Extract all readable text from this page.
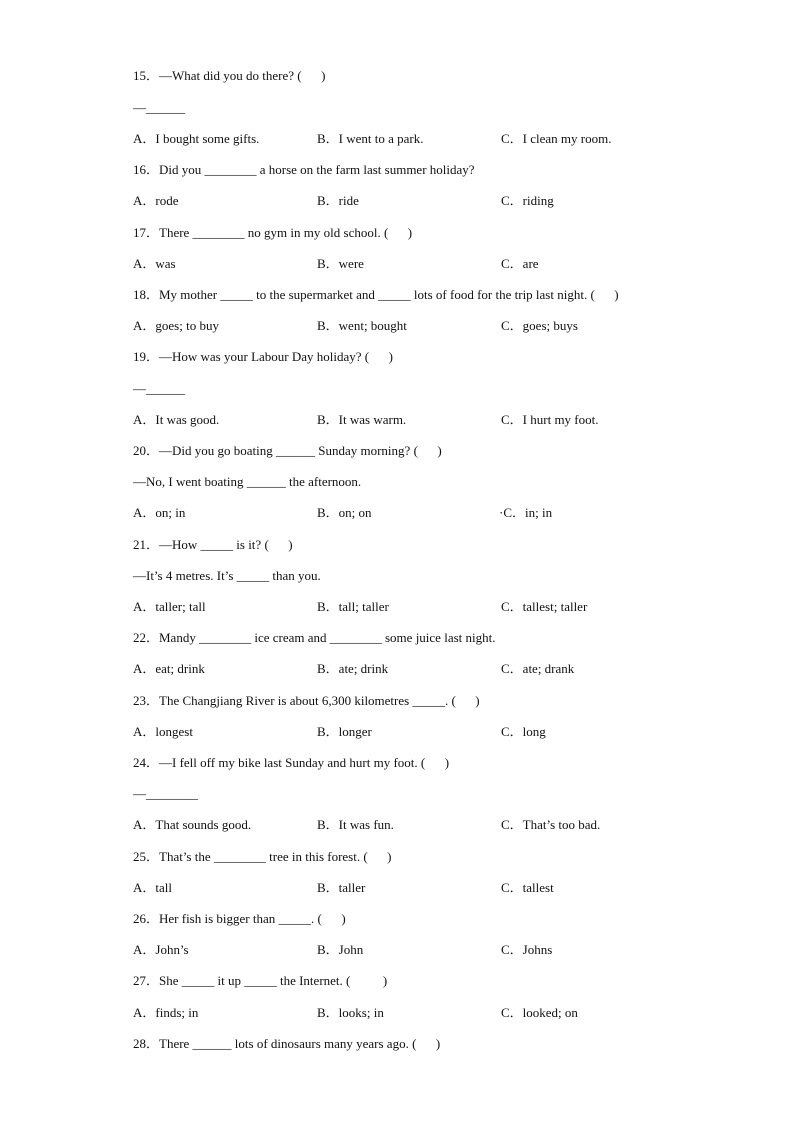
15．—What did you do there? (      )
—______
A．I bought some gifts.	B．I went to a park.	C．I clean my room.
16．Did you ________ a horse on the farm last summer holiday?
A．rode	B．ride	C．riding
17．There ________ no gym in my old school. (      )
A．was	B．were	C．are
18．My mother _____ to the supermarket and _____ lots of food for the trip last night. (      )
A．goes; to buy	B．went; bought	C．goes; buys
19．—How was your Labour Day holiday? (      )
—______
A．It was good.	B．It was warm.	C．I hurt my foot.
20．—Did you go boating ______ Sunday morning? (      )
—No, I went boating ______ the afternoon.
A．on; in	B．on; on	·C．in; in
21．—How _____ is it? (      )
—It’s 4 metres. It’s _____ than you.
A．taller; tall	B．tall; taller	C．tallest; taller
22．Mandy ________ ice cream and ________ some juice last night.
A．eat; drink	B．ate; drink	C．ate; drank
23．The Changjiang River is about 6,300 kilometres _____. (      )
A．longest	B．longer	C．long
24．—I fell off my bike last Sunday and hurt my foot. (      )
—________
A．That sounds good.	B．It was fun.	C．That’s too bad.
25．That’s the ________ tree in this forest. (      )
A．tall	B．taller	C．tallest
26．Her fish is bigger than _____. (      )
A．John’s	B．John	C．Johns
27．She _____ it up _____ the Internet. (          )
A．finds; in	B．looks; in	C．looked; on
28．There ______ lots of dinosaurs many years ago. (      )
